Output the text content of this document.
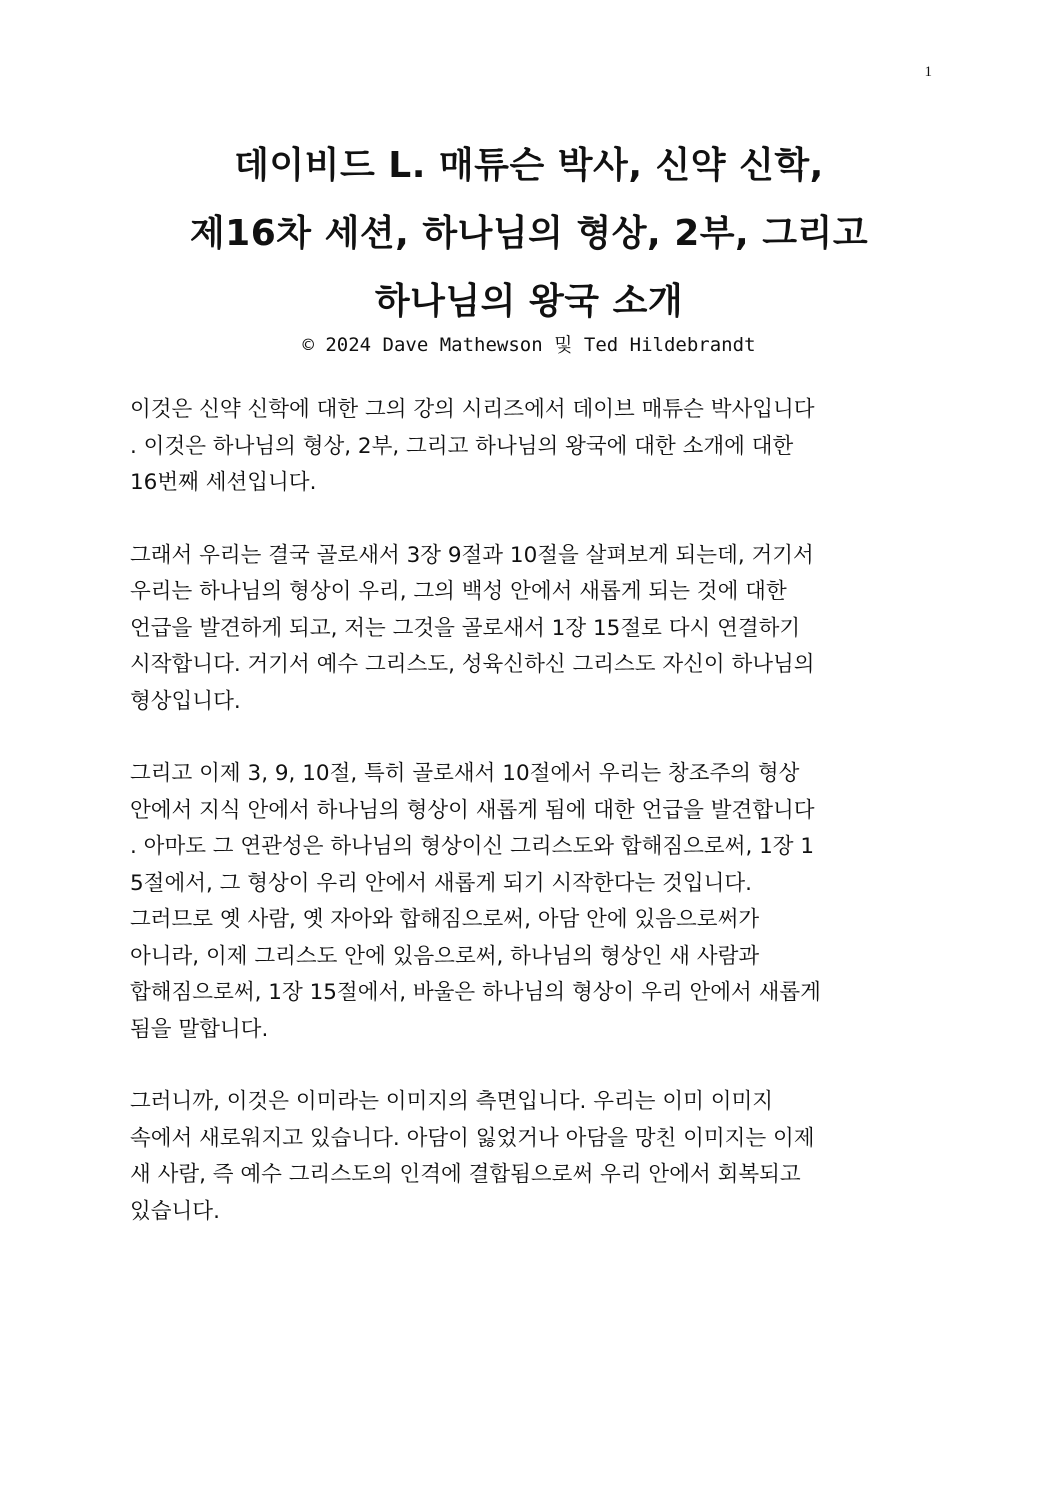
1
데이비드 L. 매튜슨 박사, 신약 신학,
제16차 세션, 하나님의 형상, 2부, 그리고
하나님의 왕국 소개
© 2024 Dave Mathewson 및 Ted Hildebrandt

이것은 신약 신학에 대한 그의 강의 시리즈에서 데이브 매튜슨 박사입니다
. 이것은 하나님의 형상, 2부, 그리고 하나님의 왕국에 대한 소개에 대한
16번째 세션입니다.

그래서 우리는 결국 골로새서 3장 9절과 10절을 살펴보게 되는데, 거기서
우리는 하나님의 형상이 우리, 그의 백성 안에서 새롭게 되는 것에 대한
언급을 발견하게 되고, 저는 그것을 골로새서 1장 15절로 다시 연결하기
시작합니다. 거기서 예수 그리스도, 성육신하신 그리스도 자신이 하나님의
형상입니다.

그리고 이제 3, 9, 10절, 특히 골로새서 10절에서 우리는 창조주의 형상
안에서 지식 안에서 하나님의 형상이 새롭게 됨에 대한 언급을 발견합니다
. 아마도 그 연관성은 하나님의 형상이신 그리스도와 합해짐으로써, 1장 1
5절에서, 그 형상이 우리 안에서 새롭게 되기 시작한다는 것입니다.
그러므로 옛 사람, 옛 자아와 합해짐으로써, 아담 안에 있음으로써가
아니라, 이제 그리스도 안에 있음으로써, 하나님의 형상인 새 사람과
합해짐으로써, 1장 15절에서, 바울은 하나님의 형상이 우리 안에서 새롭게
됨을 말합니다.

그러니까, 이것은 이미라는 이미지의 측면입니다. 우리는 이미 이미지
속에서 새로워지고 있습니다. 아담이 잃었거나 아담을 망친 이미지는 이제
새 사람, 즉 예수 그리스도의 인격에 결합됨으로써 우리 안에서 회복되고
있습니다.
